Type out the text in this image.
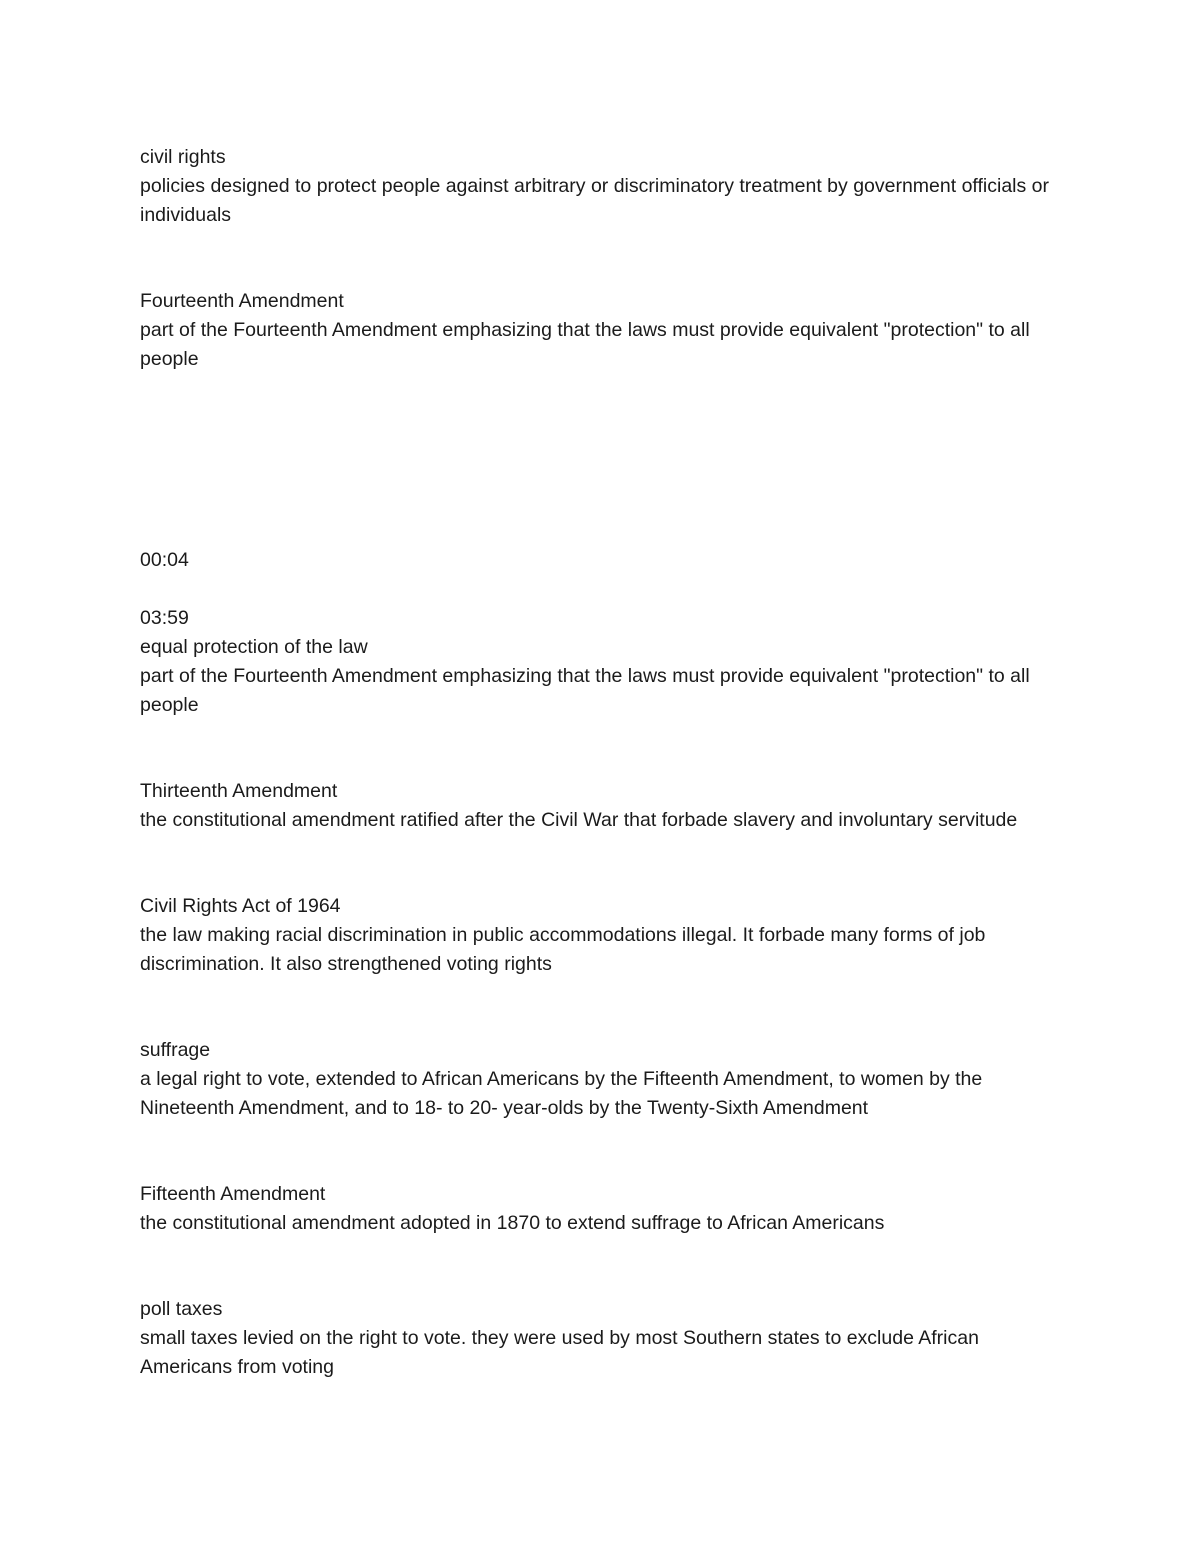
civil rights

policies designed to protect people against arbitrary or discriminatory treatment by government officials or individuals

Fourteenth Amendment

part of the Fourteenth Amendment emphasizing that the laws must provide equivalent "protection" to all people

00:04

03:59

equal protection of the law

part of the Fourteenth Amendment emphasizing that the laws must provide equivalent "protection" to all people

Thirteenth Amendment

the constitutional amendment ratified after the Civil War that forbade slavery and involuntary servitude

Civil Rights Act of 1964

the law making racial discrimination in public accommodations illegal. It forbade many forms of job discrimination. It also strengthened voting rights

suffrage

a legal right to vote, extended to African Americans by the Fifteenth Amendment, to women by the Nineteenth Amendment, and to 18- to 20- year-olds by the Twenty-Sixth Amendment

Fifteenth Amendment

the constitutional amendment adopted in 1870 to extend suffrage to African Americans

poll taxes

small taxes levied on the right to vote. they were used by most Southern states to exclude African Americans from voting
